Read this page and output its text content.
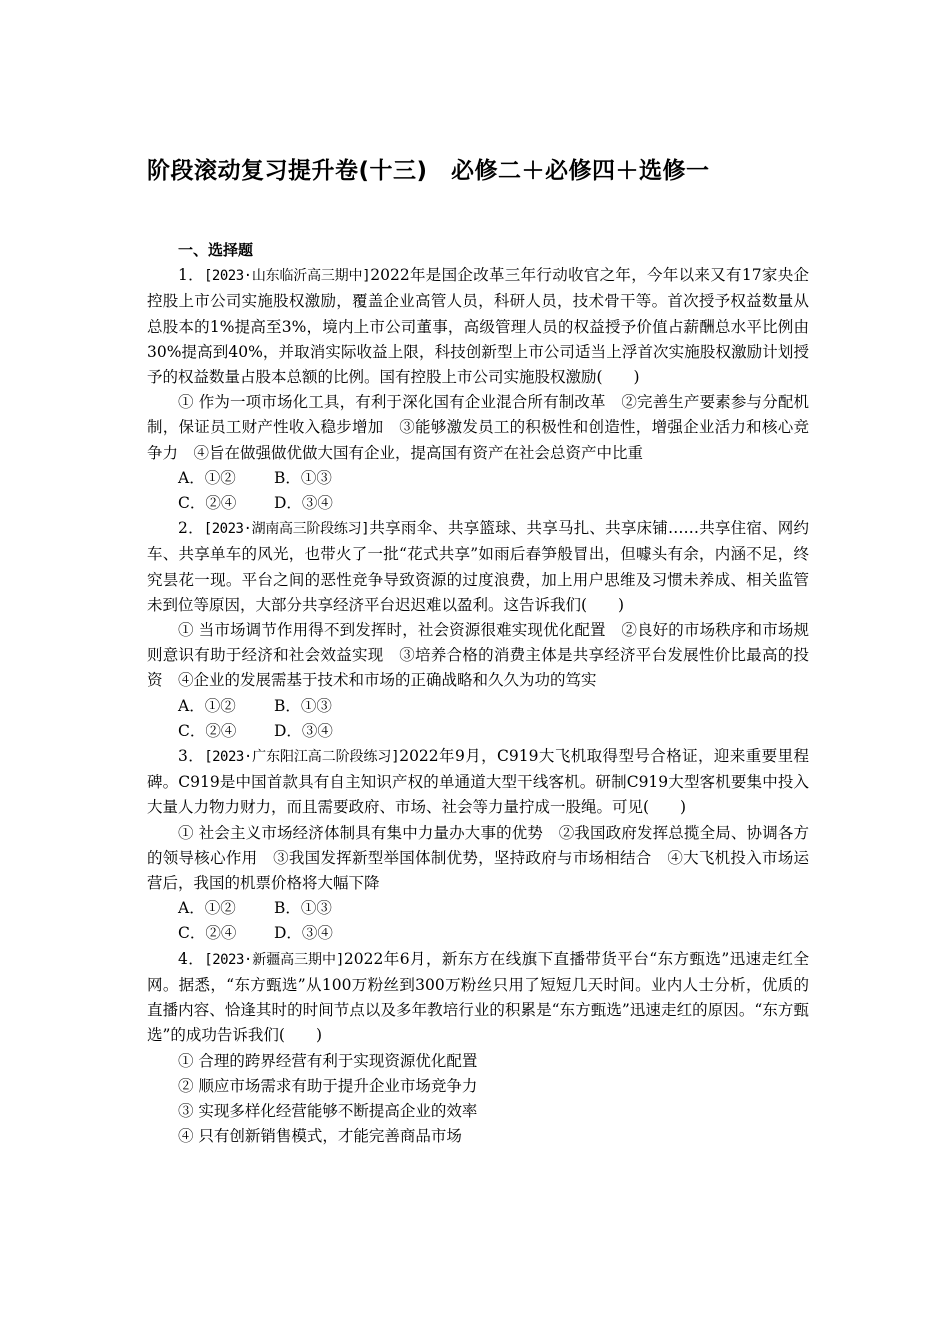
阶段滚动复习提升卷(十三)　必修二＋必修四＋选修一
一、选择题

1．[2023·山东临沂高三期中]2022年是国企改革三年行动收官之年，今年以来又有17家央企控股上市公司实施股权激励，覆盖企业高管人员，科研人员，技术骨干等。首次授予权益数量从总股本的1%提高至3%，境内上市公司董事，高级管理人员的权益授予价值占薪酬总水平比例由30%提高到40%，并取消实际收益上限，科技创新型上市公司适当上浮首次实施股权激励计划授予的权益数量占股本总额的比例。国有控股上市公司实施股权激励(　　)

① 作为一项市场化工具，有利于深化国有企业混合所有制改革　②完善生产要素参与分配机制，保证员工财产性收入稳步增加　③能够激发员工的积极性和创造性，增强企业活力和核心竞争力　④旨在做强做优做大国有企业，提高国有资产在社会总资产中比重

A．①② B．①③

C．②④ D．③④

2．[2023·湖南高三阶段练习]共享雨伞、共享篮球、共享马扎、共享床铺……共享住宿、网约车、共享单车的风光，也带火了一批“花式共享”如雨后春笋般冒出，但噱头有余，内涵不足，终究昙花一现。平台之间的恶性竞争导致资源的过度浪费，加上用户思维及习惯未养成、相关监管未到位等原因，大部分共享经济平台迟迟难以盈利。这告诉我们(　　)

① 当市场调节作用得不到发挥时，社会资源很难实现优化配置　②良好的市场秩序和市场规则意识有助于经济和社会效益实现　③培养合格的消费主体是共享经济平台发展性价比最高的投资　④企业的发展需基于技术和市场的正确战略和久久为功的笃实

A．①② B．①③

C．②④ D．③④

3．[2023·广东阳江高二阶段练习]2022年9月，C919大飞机取得型号合格证，迎来重要里程碑。C919是中国首款具有自主知识产权的单通道大型干线客机。研制C919大型客机要集中投入大量人力物力财力，而且需要政府、市场、社会等力量拧成一股绳。可见(　　)

① 社会主义市场经济体制具有集中力量办大事的优势　②我国政府发挥总揽全局、协调各方的领导核心作用　③我国发挥新型举国体制优势，坚持政府与市场相结合　④大飞机投入市场运营后，我国的机票价格将大幅下降

A．①② B．①③

C．②④ D．③④

4．[2023·新疆高三期中]2022年6月，新东方在线旗下直播带货平台“东方甄选”迅速走红全网。据悉，“东方甄选”从100万粉丝到300万粉丝只用了短短几天时间。业内人士分析，优质的直播内容、恰逢其时的时间节点以及多年教培行业的积累是“东方甄选”迅速走红的原因。“东方甄选”的成功告诉我们(　　)

① 合理的跨界经营有利于实现资源优化配置

② 顺应市场需求有助于提升企业市场竞争力

③ 实现多样化经营能够不断提高企业的效率

④ 只有创新销售模式，才能完善商品市场
